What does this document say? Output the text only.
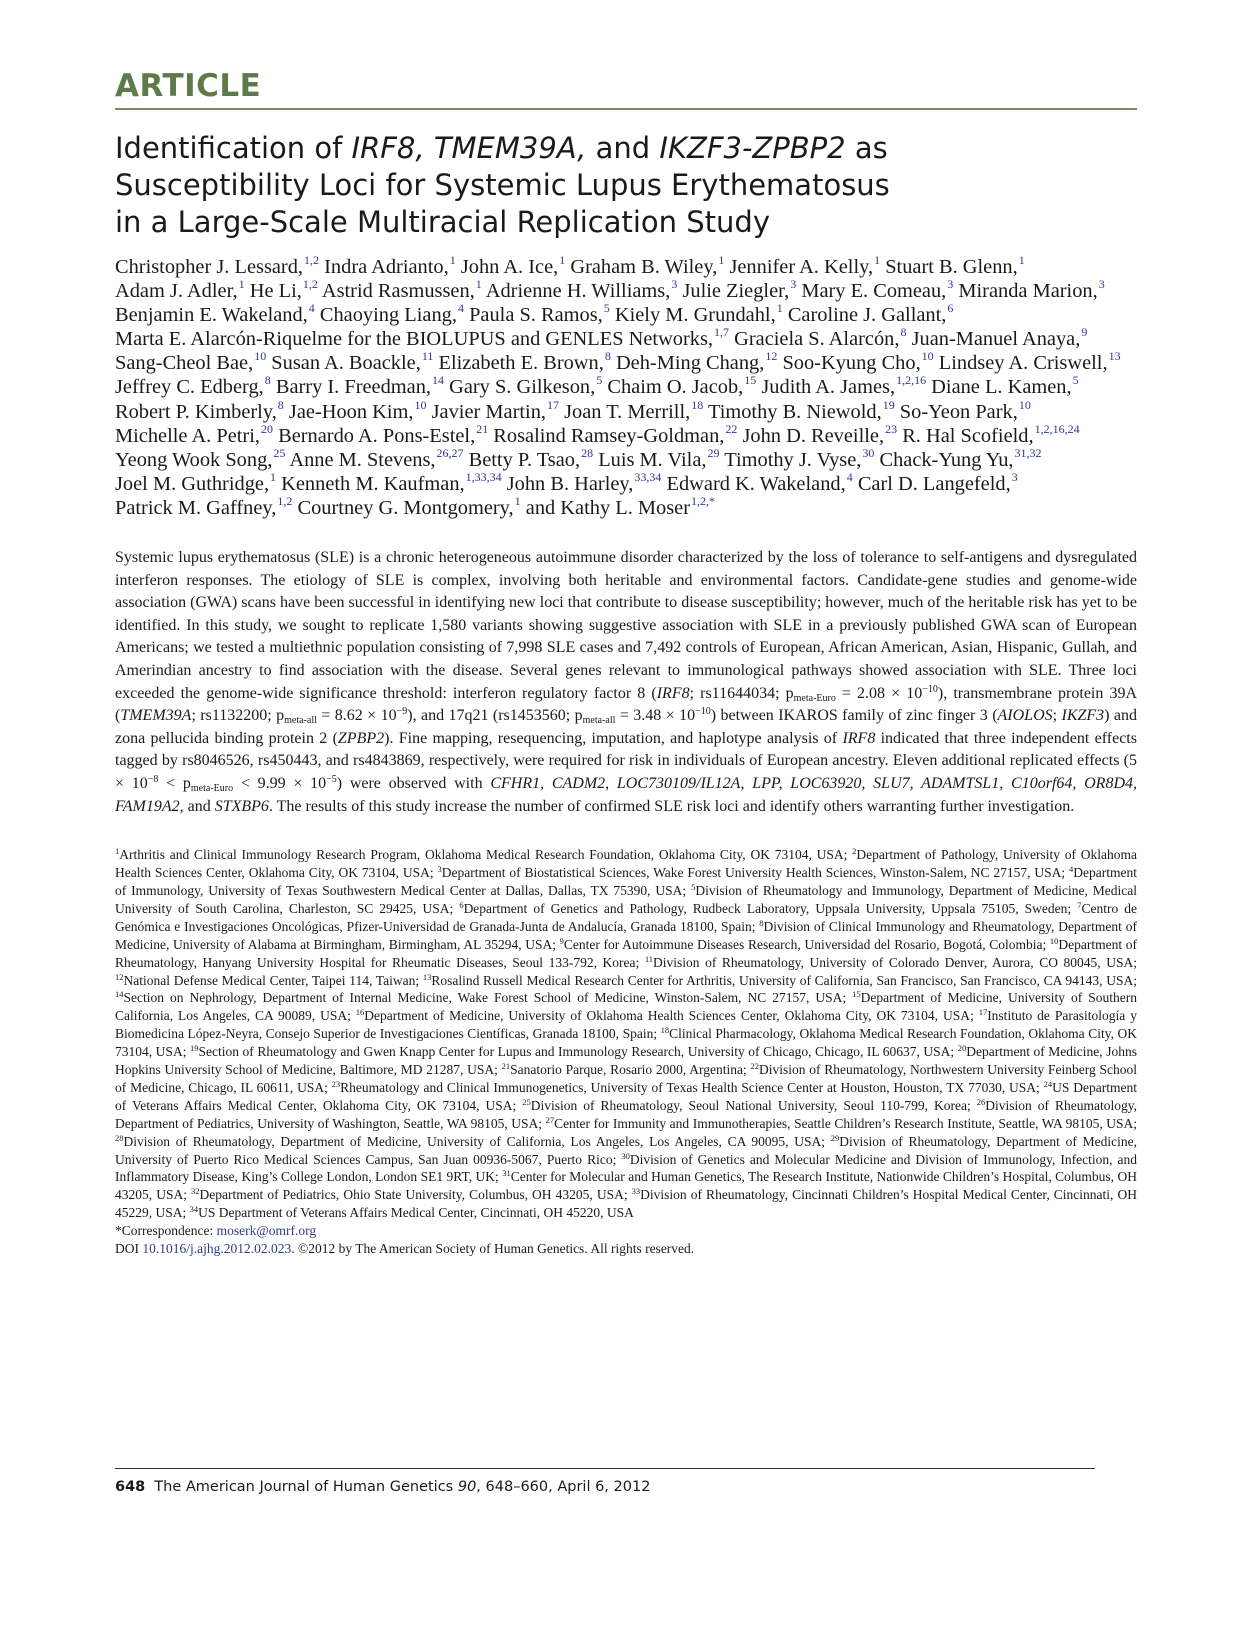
ARTICLE
Identification of IRF8, TMEM39A, and IKZF3-ZPBP2 as Susceptibility Loci for Systemic Lupus Erythematosus in a Large-Scale Multiracial Replication Study
Christopher J. Lessard,$^{1,2}$ Indra Adrianto,$^1$ John A. Ice,$^1$ Graham B. Wiley,$^1$ Jennifer A. Kelly,$^1$ Stuart B. Glenn,$^1$ Adam J. Adler,$^1$ He Li,$^{1,2}$ Astrid Rasmussen,$^1$ Adrienne H. Williams,$^3$ Julie Ziegler,$^3$ Mary E. Comeau,$^3$ Miranda Marion,$^3$ Benjamin E. Wakeland,$^4$ Chaoying Liang,$^4$ Paula S. Ramos,$^5$ Kiely M. Grundahl,$^1$ Caroline J. Gallant,$^6$ Marta E. Alarcón-Riquelme for the BIOLUPUS and GENLES Networks,$^{1,7}$ Graciela S. Alarcón,$^8$ Juan-Manuel Anaya,$^9$ Sang-Cheol Bae,$^{10}$ Susan A. Boackle,$^{11}$ Elizabeth E. Brown,$^8$ Deh-Ming Chang,$^{12}$ Soo-Kyung Cho,$^{10}$ Lindsey A. Criswell,$^{13}$ Jeffrey C. Edberg,$^8$ Barry I. Freedman,$^{14}$ Gary S. Gilkeson,$^5$ Chaim O. Jacob,$^{15}$ Judith A. James,$^{1,2,16}$ Diane L. Kamen,$^5$ Robert P. Kimberly,$^8$ Jae-Hoon Kim,$^{10}$ Javier Martin,$^{17}$ Joan T. Merrill,$^{18}$ Timothy B. Niewold,$^{19}$ So-Yeon Park,$^{10}$ Michelle A. Petri,$^{20}$ Bernardo A. Pons-Estel,$^{21}$ Rosalind Ramsey-Goldman,$^{22}$ John D. Reveille,$^{23}$ R. Hal Scofield,$^{1,2,16,24}$ Yeong Wook Song,$^{25}$ Anne M. Stevens,$^{26,27}$ Betty P. Tsao,$^{28}$ Luis M. Vila,$^{29}$ Timothy J. Vyse,$^{30}$ Chack-Yung Yu,$^{31,32}$ Joel M. Guthridge,$^1$ Kenneth M. Kaufman,$^{1,33,34}$ John B. Harley,$^{33,34}$ Edward K. Wakeland,$^4$ Carl D. Langefeld,$^3$ Patrick M. Gaffney,$^{1,2}$ Courtney G. Montgomery,$^1$ and Kathy L. Moser$^{1,2,*}$
Systemic lupus erythematosus (SLE) is a chronic heterogeneous autoimmune disorder characterized by the loss of tolerance to self-antigens and dysregulated interferon responses. The etiology of SLE is complex, involving both heritable and environmental factors. Candidate-gene studies and genome-wide association (GWA) scans have been successful in identifying new loci that contribute to disease susceptibility; however, much of the heritable risk has yet to be identified. In this study, we sought to replicate 1,580 variants showing suggestive association with SLE in a previously published GWA scan of European Americans; we tested a multiethnic population consisting of 7,998 SLE cases and 7,492 controls of European, African American, Asian, Hispanic, Gullah, and Amerindian ancestry to find association with the disease. Several genes relevant to immunological pathways showed association with SLE. Three loci exceeded the genome-wide significance threshold: interferon regulatory factor 8 (IRF8; rs11644034; $p_{meta-Euro} = 2.08 \times 10^{-10}$), transmembrane protein 39A (TMEM39A; rs1132200; $p_{meta-all} = 8.62 \times 10^{-9}$), and 17q21 (rs1453560; $p_{meta-all} = 3.48 \times 10^{-10}$) between IKAROS family of zinc finger 3 (AIOLOS; IKZF3) and zona pellucida binding protein 2 (ZPBP2). Fine mapping, resequencing, imputation, and haplotype analysis of IRF8 indicated that three independent effects tagged by rs8046526, rs450443, and rs4843869, respectively, were required for risk in individuals of European ancestry. Eleven additional replicated effects $(5 \times 10^{-8} < p_{meta-Euro} < 9.99 \times 10^{-5})$ were observed with CFHR1, CADM2, LOC730109/IL12A, LPP, LOC63920, SLU7, ADAMTSL1, C10orf64, OR8D4, FAM19A2, and STXBP6. The results of this study increase the number of confirmed SLE risk loci and identify others warranting further investigation.
$^1$Arthritis and Clinical Immunology Research Program, Oklahoma Medical Research Foundation, Oklahoma City, OK 73104, USA; $^2$Department of Pathology, University of Oklahoma Health Sciences Center, Oklahoma City, OK 73104, USA; $^3$Department of Biostatistical Sciences, Wake Forest University Health Sciences, Winston-Salem, NC 27157, USA; $^4$Department of Immunology, University of Texas Southwestern Medical Center at Dallas, Dallas, TX 75390, USA; $^5$Division of Rheumatology and Immunology, Department of Medicine, Medical University of South Carolina, Charleston, SC 29425, USA; $^6$Department of Genetics and Pathology, Rudbeck Laboratory, Uppsala University, Uppsala 75105, Sweden; $^7$Centro de Genómica e Investigaciones Oncológicas, Pfizer-Universidad de Granada-Junta de Andalucía, Granada 18100, Spain; $^8$Division of Clinical Immunology and Rheumatology, Department of Medicine, University of Alabama at Birmingham, Birmingham, AL 35294, USA; $^9$Center for Autoimmune Diseases Research, Universidad del Rosario, Bogotá, Colombia; $^{10}$Department of Rheumatology, Hanyang University Hospital for Rheumatic Diseases, Seoul 133-792, Korea; $^{11}$Division of Rheumatology, University of Colorado Denver, Aurora, CO 80045, USA; $^{12}$National Defense Medical Center, Taipei 114, Taiwan; $^{13}$Rosalind Russell Medical Research Center for Arthritis, University of California, San Francisco, San Francisco, CA 94143, USA; $^{14}$Section on Nephrology, Department of Internal Medicine, Wake Forest School of Medicine, Winston-Salem, NC 27157, USA; $^{15}$Department of Medicine, University of Southern California, Los Angeles, CA 90089, USA; $^{16}$Department of Medicine, University of Oklahoma Health Sciences Center, Oklahoma City, OK 73104, USA; $^{17}$Instituto de Parasitología y Biomedicina López-Neyra, Consejo Superior de Investigaciones Científicas, Granada 18100, Spain; $^{18}$Clinical Pharmacology, Oklahoma Medical Research Foundation, Oklahoma City, OK 73104, USA; $^{19}$Section of Rheumatology and Gwen Knapp Center for Lupus and Immunology Research, University of Chicago, Chicago, IL 60637, USA; $^{20}$Department of Medicine, Johns Hopkins University School of Medicine, Baltimore, MD 21287, USA; $^{21}$Sanatorio Parque, Rosario 2000, Argentina; $^{22}$Division of Rheumatology, Northwestern University Feinberg School of Medicine, Chicago, IL 60611, USA; $^{23}$Rheumatology and Clinical Immunogenetics, University of Texas Health Science Center at Houston, Houston, TX 77030, USA; $^{24}$US Department of Veterans Affairs Medical Center, Oklahoma City, OK 73104, USA; $^{25}$Division of Rheumatology, Seoul National University, Seoul 110-799, Korea; $^{26}$Division of Rheumatology, Department of Pediatrics, University of Washington, Seattle, WA 98105, USA; $^{27}$Center for Immunity and Immunotherapies, Seattle Children’s Research Institute, Seattle, WA 98105, USA; $^{28}$Division of Rheumatology, Department of Medicine, University of California, Los Angeles, Los Angeles, CA 90095, USA; $^{29}$Division of Rheumatology, Department of Medicine, University of Puerto Rico Medical Sciences Campus, San Juan 00936-5067, Puerto Rico; $^{30}$Division of Genetics and Molecular Medicine and Division of Immunology, Infection, and Inflammatory Disease, King’s College London, London SE1 9RT, UK; $^{31}$Center for Molecular and Human Genetics, The Research Institute, Nationwide Children’s Hospital, Columbus, OH 43205, USA; $^{32}$Department of Pediatrics, Ohio State University, Columbus, OH 43205, USA; $^{33}$Division of Rheumatology, Cincinnati Children’s Hospital Medical Center, Cincinnati, OH 45229, USA; $^{34}$US Department of Veterans Affairs Medical Center, Cincinnati, OH 45220, USA
*Correspondence: moserk@omrf.org
DOI 10.1016/j.ajhg.2012.02.023. ©2012 by The American Society of Human Genetics. All rights reserved.
648 The American Journal of Human Genetics 90, 648–660, April 6, 2012
